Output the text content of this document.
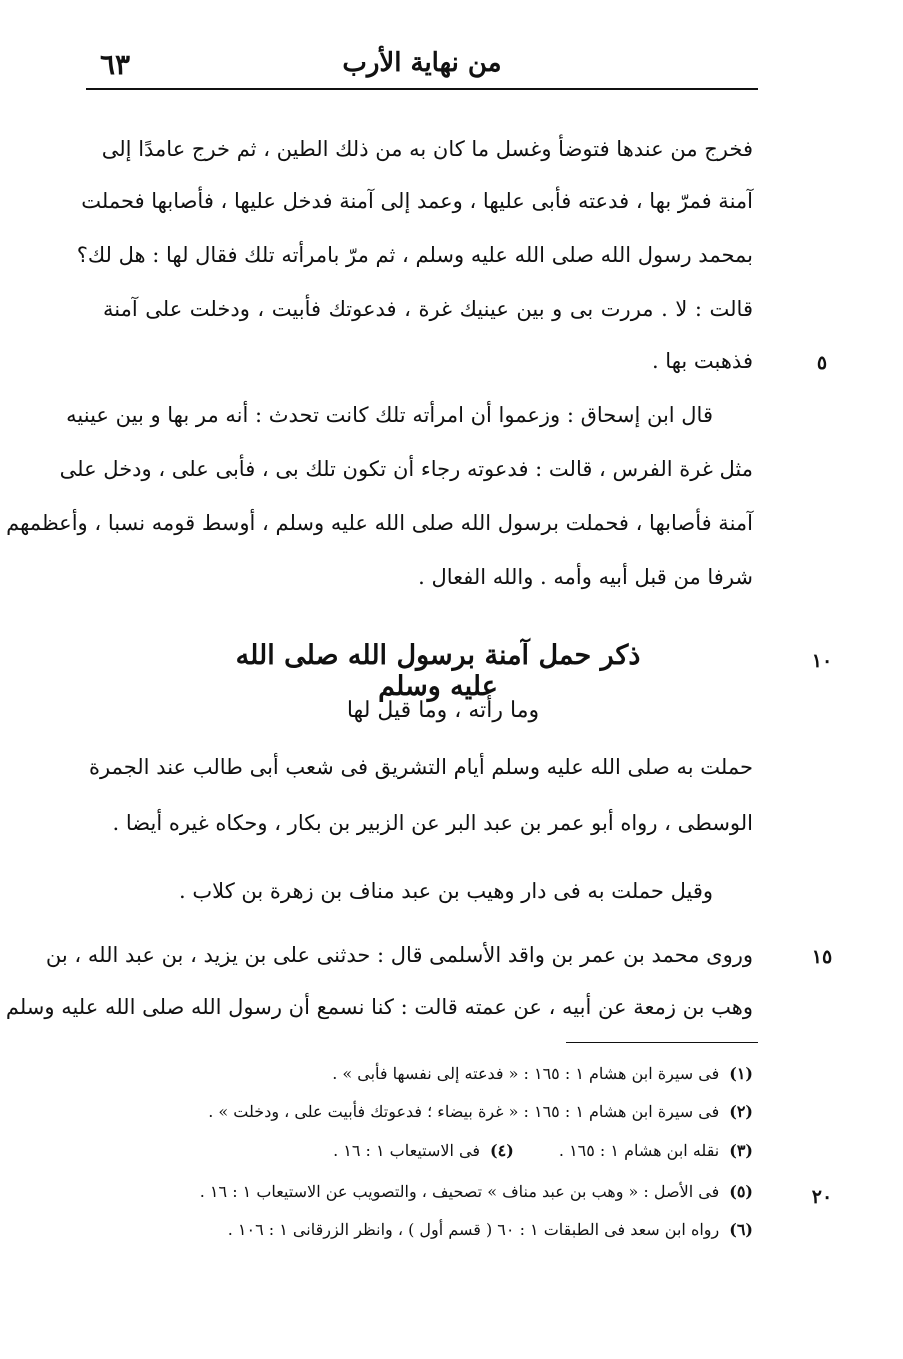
٦٣	من نهاية الأرب
فخرج من عندها فتوضأ وغسل ما كان به من ذلك الطين ، ثم خرج عامدًا إلى
آمنة فمرّ بها ، فدعته فأبى عليها ، وعمد إلى آمنة فدخل عليها ، فأصابها فحملت
بمحمد رسول الله صلى الله عليه وسلم ، ثم مرّ بامرأته تلك فقال لها : هل لك؟
قالت : لا . مررت بى و بين عينيك غرة ، فدعوتك فأبيت ، ودخلت على آمنة
فذهبت بها .	٥
قال ابن إسحاق : وزعموا أن امرأته تلك كانت تحدث : أنه مر بها و بين عينيه
مثل غرة الفرس ، قالت : فدعوته رجاء أن تكون تلك بى ، فأبى على ، ودخل على
آمنة فأصابها ، فحملت برسول الله صلى الله عليه وسلم ، أوسط قومه نسبا ، وأعظمهم
شرفا من قبل أبيه وأمه . والله الفعال .
ذكر حمل آمنة برسول الله صلى الله عليه وسلم
١٠
وما رأته ، وما قيل لها
حملت به صلى الله عليه وسلم أيام التشريق فى شعب أبى طالب عند الجمرة
الوسطى ، رواه أبو عمر بن عبد البر عن الزبير بن بكار ، وحكاه غيره أيضا .
وقيل حملت به فى دار وهيب بن عبد مناف بن زهرة بن كلاب .
وروى محمد بن عمر بن واقد الأسلمى قال : حدثنى على بن يزيد ، بن عبد الله ، بن	١٥
وهب بن زمعة عن أبيه ، عن عمته قالت : كنا نسمع أن رسول الله صلى الله عليه وسلم
(١)فى سيرة ابن هشام ١ : ١٦٥ : « فدعته إلى نفسها فأبى » .
(٢)فى سيرة ابن هشام ١ : ١٦٥ : « غرة بيضاء ؛ فدعوتك فأبيت على ، ودخلت » .
(٣)نقله ابن هشام ١ : ١٦٥ . (٤)فى الاستيعاب ١ : ١٦ .
(٥)فى الأصل : « وهب بن عبد مناف » تصحيف ، والتصويب عن الاستيعاب ١ : ١٦ .	٢٠
(٦)رواه ابن سعد فى الطبقات ١ : ٦٠ ( قسم أول ) ، وانظر الزرقانى ١ : ١٠٦ .
